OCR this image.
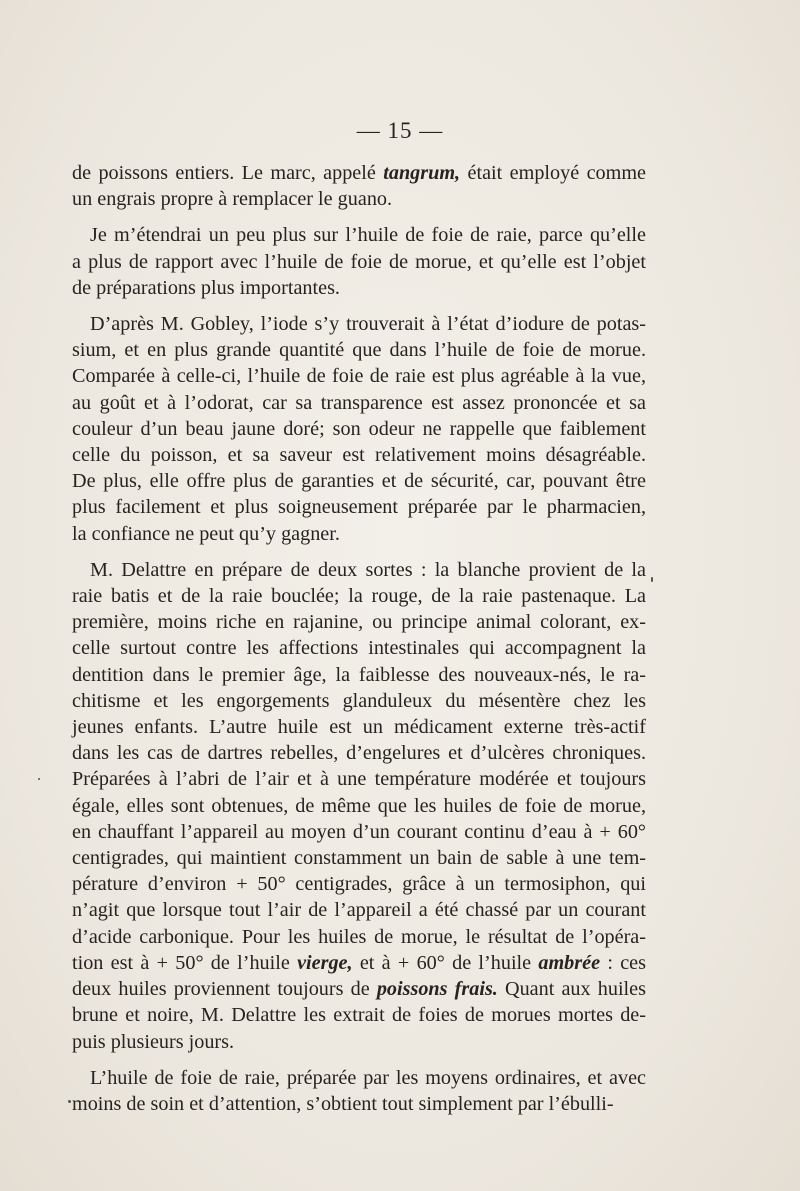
— 15 —

de poissons entiers. Le marc, appelé tangrum, était employé comme
un engrais propre à remplacer le guano.

Je m’étendrai un peu plus sur l’huile de foie de raie, parce qu’elle
a plus de rapport avec l’huile de foie de morue, et qu’elle est l’objet
de préparations plus importantes.

D’après M. Gobley, l’iode s’y trouverait à l’état d’iodure de potas-
sium, et en plus grande quantité que dans l’huile de foie de morue.
Comparée à celle-ci, l’huile de foie de raie est plus agréable à la vue,
au goût et à l’odorat, car sa transparence est assez prononcée et sa
couleur d’un beau jaune doré; son odeur ne rappelle que faiblement
celle du poisson, et sa saveur est relativement moins désagréable.
De plus, elle offre plus de garanties et de sécurité, car, pouvant être
plus facilement et plus soigneusement préparée par le pharmacien,
la confiance ne peut qu’y gagner.

M. Delattre en prépare de deux sortes : la blanche provient de la
raie batis et de la raie bouclée; la rouge, de la raie pastenaque. La
première, moins riche en rajanine, ou principe animal colorant, ex-
celle surtout contre les affections intestinales qui accompagnent la
dentition dans le premier âge, la faiblesse des nouveaux-nés, le ra-
chitisme et les engorgements glanduleux du mésentère chez les
jeunes enfants. L’autre huile est un médicament externe très-actif
dans les cas de dartres rebelles, d’engelures et d’ulcères chroniques.
Préparées à l’abri de l’air et à une température modérée et toujours
égale, elles sont obtenues, de même que les huiles de foie de morue,
en chauffant l’appareil au moyen d’un courant continu d’eau à + 60°
centigrades, qui maintient constamment un bain de sable à une tem-
pérature d’environ + 50° centigrades, grâce à un termosiphon, qui
n’agit que lorsque tout l’air de l’appareil a été chassé par un courant
d’acide carbonique. Pour les huiles de morue, le résultat de l’opéra-
tion est à + 50° de l’huile vierge, et à + 60° de l’huile ambrée : ces
deux huiles proviennent toujours de poissons frais. Quant aux huiles
brune et noire, M. Delattre les extrait de foies de morues mortes de-
puis plusieurs jours.

L’huile de foie de raie, préparée par les moyens ordinaires, et avec
moins de soin et d’attention, s’obtient tout simplement par l’ébulli-
